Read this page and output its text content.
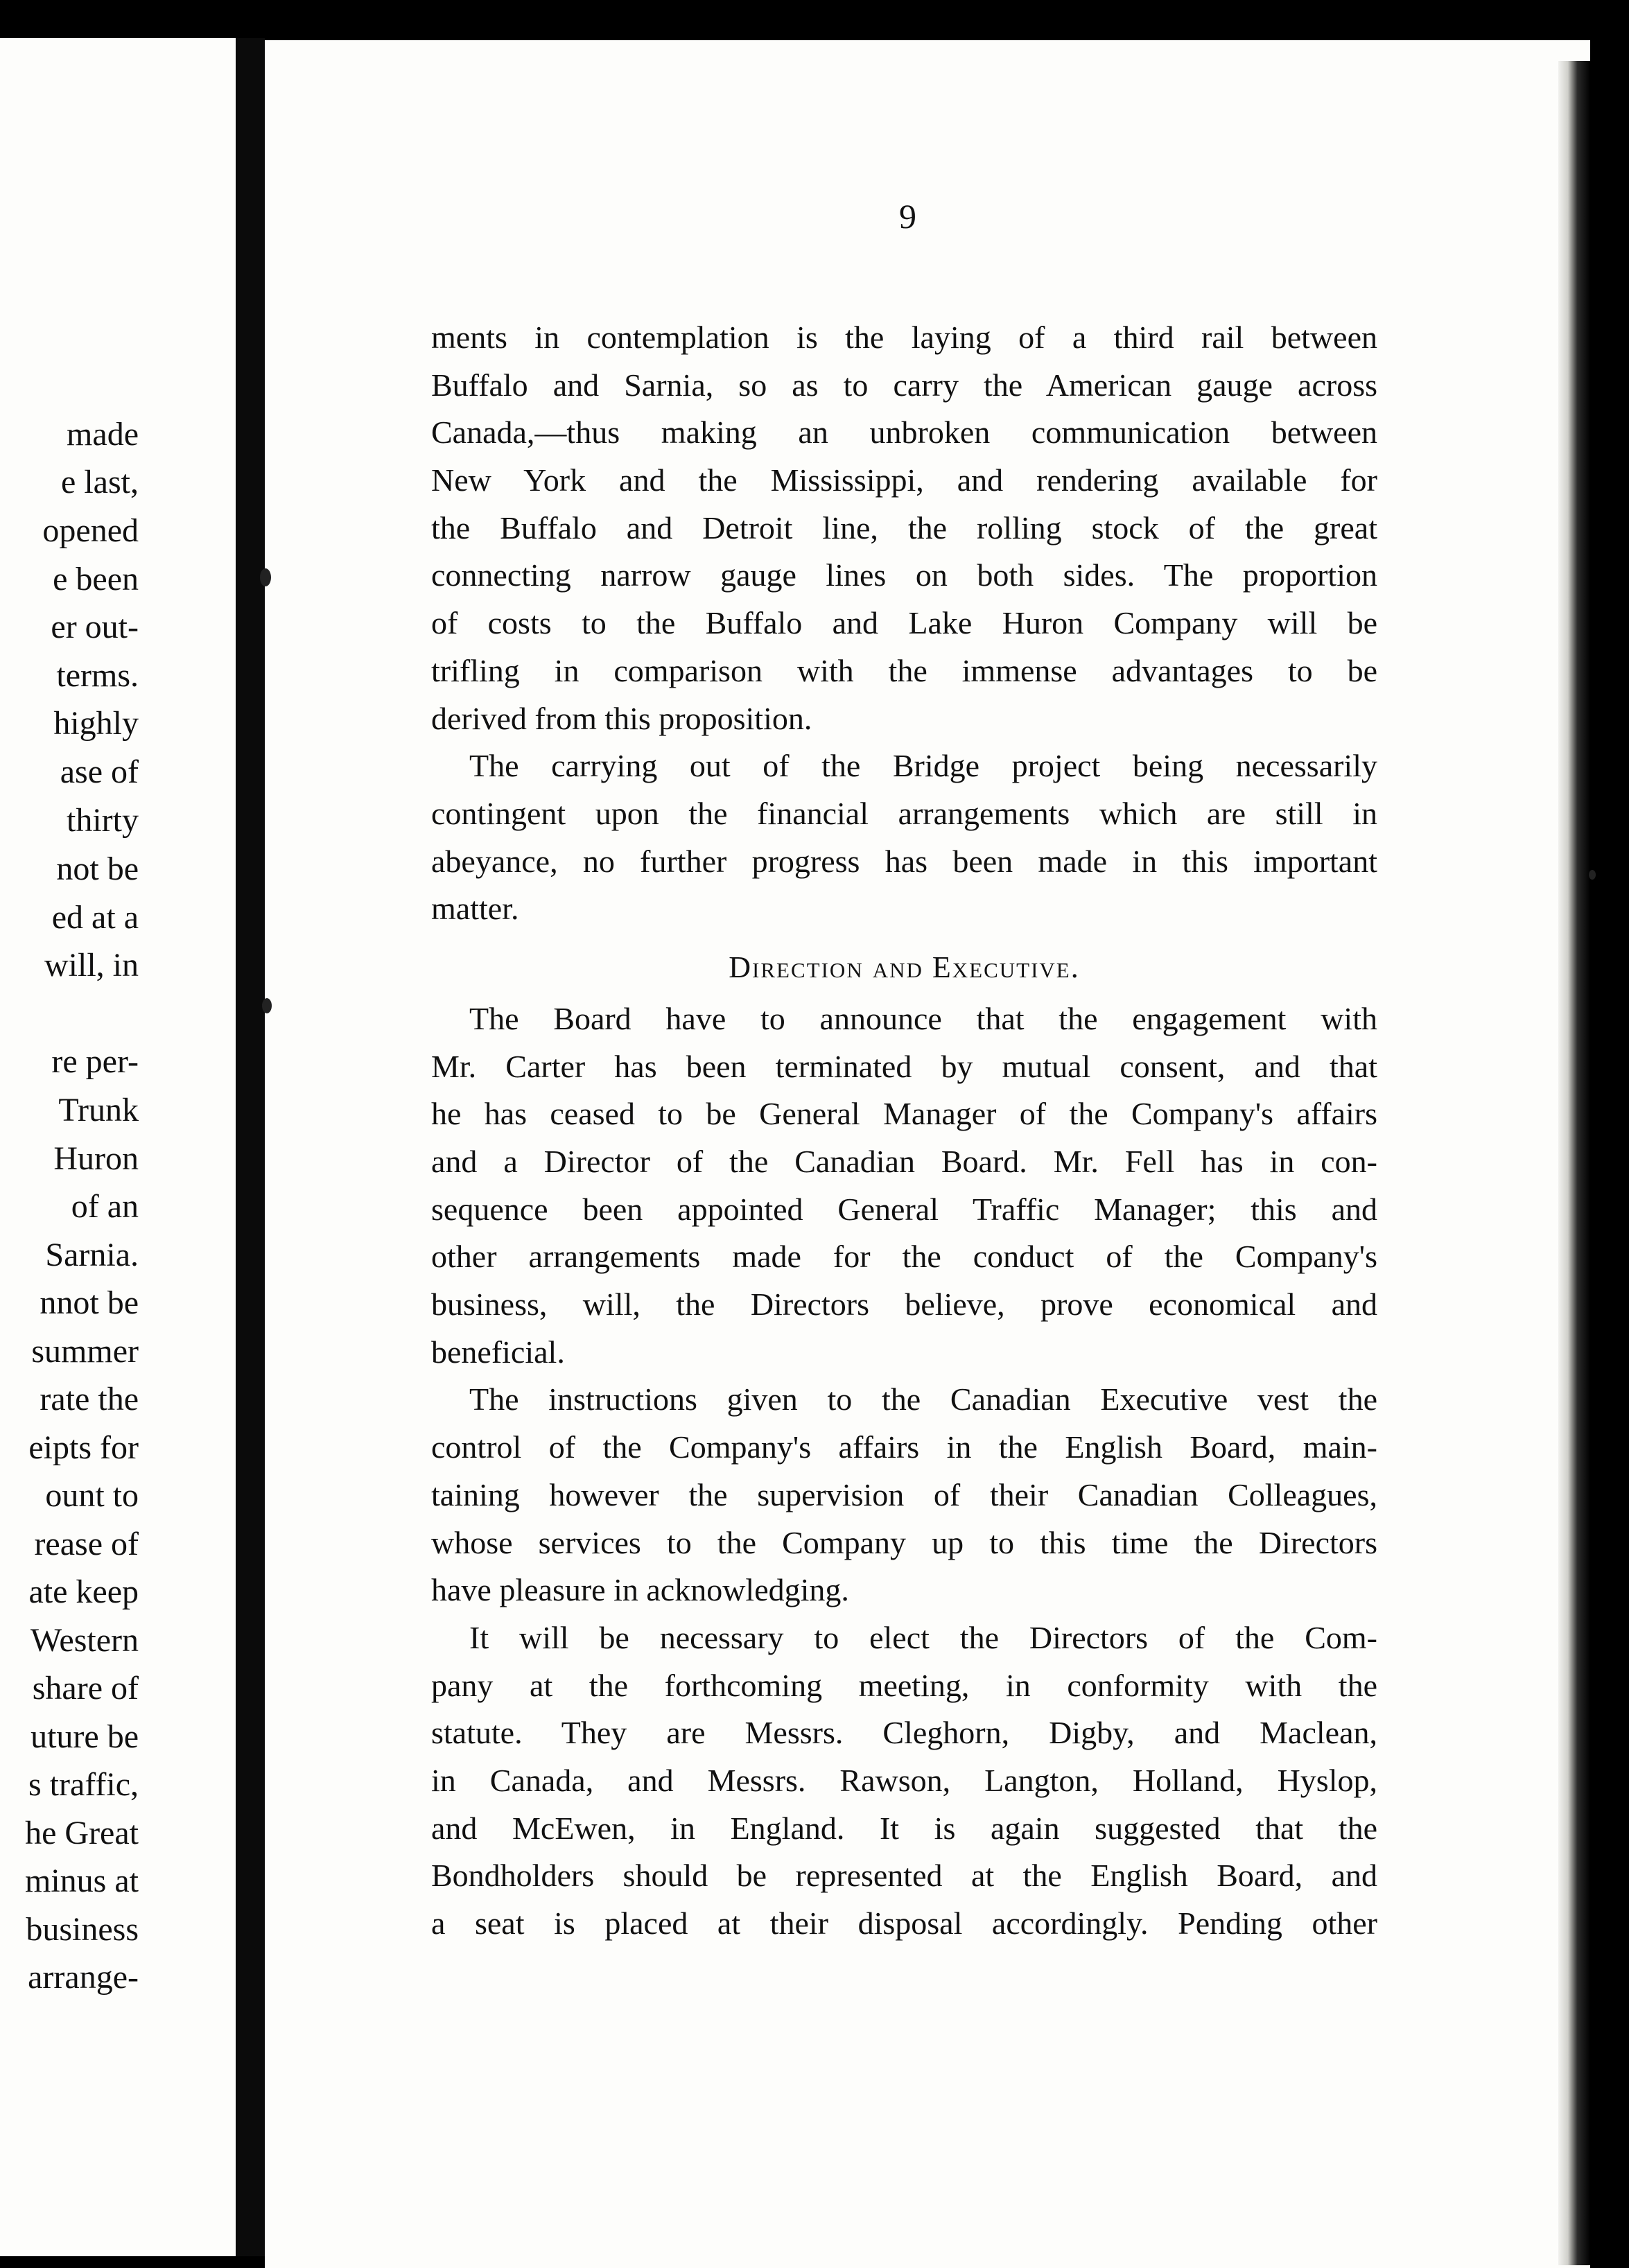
made
e last,
opened
e been
er out-
terms.
highly
ase of
thirty
not be
ed at a
will, in
re per-
Trunk
Huron
of an
Sarnia.
nnot be
summer
rate the
eipts for
ount to
rease of
ate keep
Western
share of
uture be
s traffic,
he Great
minus at
business
arrange-
9
ments in contemplation is the laying of a third rail between
Buffalo and Sarnia, so as to carry the American gauge across
Canada,—thus making an unbroken communication between
New York and the Mississippi, and rendering available for
the Buffalo and Detroit line, the rolling stock of the great
connecting narrow gauge lines on both sides. The proportion
of costs to the Buffalo and Lake Huron Company will be
trifling in comparison with the immense advantages to be
derived from this proposition.
The carrying out of the Bridge project being necessarily
contingent upon the financial arrangements which are still in
abeyance, no further progress has been made in this important
matter.
Direction and Executive.
The Board have to announce that the engagement with
Mr. Carter has been terminated by mutual consent, and that
he has ceased to be General Manager of the Company's affairs
and a Director of the Canadian Board. Mr. Fell has in con-
sequence been appointed General Traffic Manager; this and
other arrangements made for the conduct of the Company's
business, will, the Directors believe, prove economical and
beneficial.
The instructions given to the Canadian Executive vest the
control of the Company's affairs in the English Board, main-
taining however the supervision of their Canadian Colleagues,
whose services to the Company up to this time the Directors
have pleasure in acknowledging.
It will be necessary to elect the Directors of the Com-
pany at the forthcoming meeting, in conformity with the
statute. They are Messrs. Cleghorn, Digby, and Maclean,
in Canada, and Messrs. Rawson, Langton, Holland, Hyslop,
and McEwen, in England. It is again suggested that the
Bondholders should be represented at the English Board, and
a seat is placed at their disposal accordingly. Pending other
